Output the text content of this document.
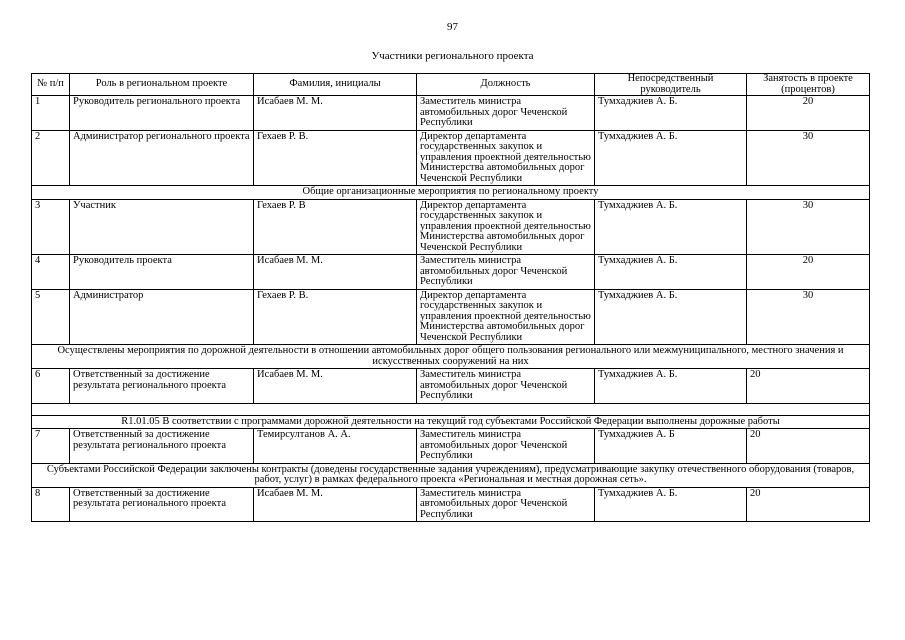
97
Участники регионального проекта
№ п/п	Роль в региональном проекте	Фамилия, инициалы	Должность	Непосредственный руководитель	Занятость в проекте (процентов)
1	Руководитель регионального проекта	Исабаев М. М.	Заместитель министра автомобильных дорог Чеченской Республики	Тумхаджиев А. Б.	20
2	Администратор регионального проекта	Гехаев Р. В.	Директор департамента государственных закупок и управления проектной деятельностью Министерства автомобильных дорог Чеченской Республики	Тумхаджиев А. Б.	30
Общие организационные мероприятия по региональному проекту					
3	Участник	Гехаев Р. В	Директор департамента государственных закупок и управления проектной деятельностью Министерства автомобильных дорог Чеченской Республики	Тумхаджиев А. Б.	30
4	Руководитель проекта	Исабаев М. М.	Заместитель министра автомобильных дорог Чеченской Республики	Тумхаджиев А. Б.	20
5	Администратор	Гехаев Р. В.	Директор департамента государственных закупок и управления проектной деятельностью Министерства автомобильных дорог Чеченской Республики	Тумхаджиев А. Б.	30
Осуществлены мероприятия по дорожной деятельности в отношении автомобильных дорог общего пользования регионального или межмуниципального, местного значения и искусственных сооружений на них					
6	Ответственный за достижение результата регионального проекта	Исабаев М. М.	Заместитель министра автомобильных дорог Чеченской Республики	Тумхаджиев А. Б.	20

R1.01.05 В соответствии с программами дорожной деятельности на текущий год субъектами Российской Федерации выполнены дорожные работы					
7	Ответственный за достижение результата регионального проекта	Темирсултанов А. А.	Заместитель министра автомобильных дорог Чеченской Республики	Тумхаджиев А. Б	20
Субъектами Российской Федерации заключены контракты (доведены государственные задания учреждениям), предусматривающие закупку отечественного оборудования (товаров, работ, услуг) в рамках федерального проекта «Региональная и местная дорожная сеть».					
8	Ответственный за достижение результата регионального проекта	Исабаев М. М.	Заместитель министра автомобильных дорог Чеченской Республики	Тумхаджиев А. Б.	20
